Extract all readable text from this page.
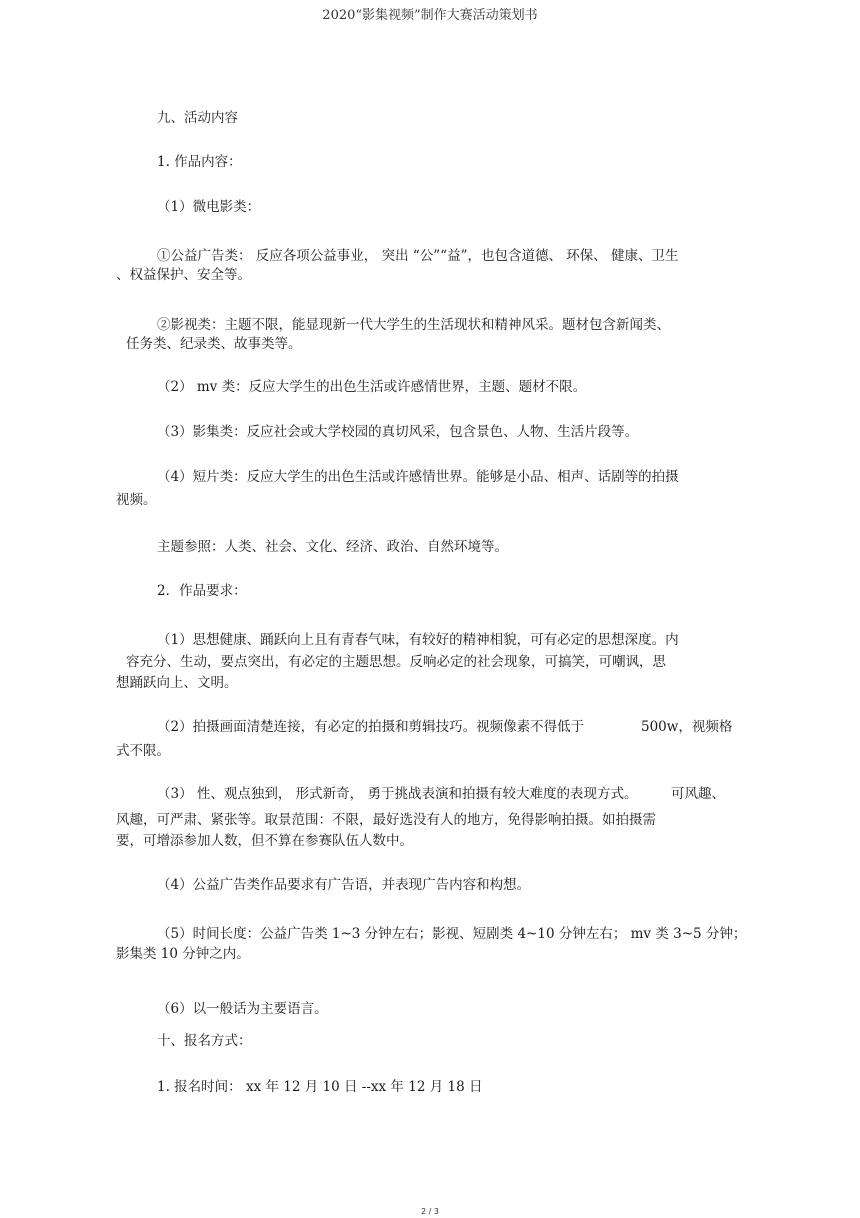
2020“影集视频”制作大赛活动策划书
九、活动内容
1. 作品内容：
（1）微电影类：
①公益广告类： 反应各项公益事业， 突出 “公”“益”，也包含道德、 环保、 健康、卫生
、权益保护、安全等。
②影视类：主题不限，能显现新一代大学生的生活现状和精神风采。题材包含新闻类、
任务类、纪录类、故事类等。
（2） mv 类：反应大学生的出色生活或许感情世界，主题、题材不限。
（3）影集类：反应社会或大学校园的真切风采，包含景色、人物、生活片段等。
（4）短片类：反应大学生的出色生活或许感情世界。能够是小品、相声、话剧等的拍摄
视频。
主题参照：人类、社会、文化、经济、政治、自然环境等。
2．作品要求：
（1）思想健康、踊跃向上且有青春气味，有较好的精神相貌，可有必定的思想深度。内
容充分、生动，要点突出，有必定的主题思想。反响必定的社会现象，可搞笑，可嘲讽，思
想踊跃向上、文明。
（2）拍摄画面清楚连接，有必定的拍摄和剪辑技巧。视频像素不得低于	500w，视频格
式不限。
（3） 性、观点独到， 形式新奇， 勇于挑战表演和拍摄有较大难度的表现方式。 可风趣、
风趣，可严肃、紧张等。取景范围：不限，最好选没有人的地方，免得影响拍摄。如拍摄需
要，可增添参加人数，但不算在参赛队伍人数中。
（4）公益广告类作品要求有广告语，并表现广告内容和构想。
（5）时间长度：公益广告类 1~3 分钟左右；影视、短剧类 4~10 分钟左右； mv 类 3~5 分钟；
影集类 10 分钟之内。
（6）以一般话为主要语言。
十、报名方式：
1. 报名时间： xx 年 12 月 10 日 --xx 年 12 月 18 日
2 / 3
